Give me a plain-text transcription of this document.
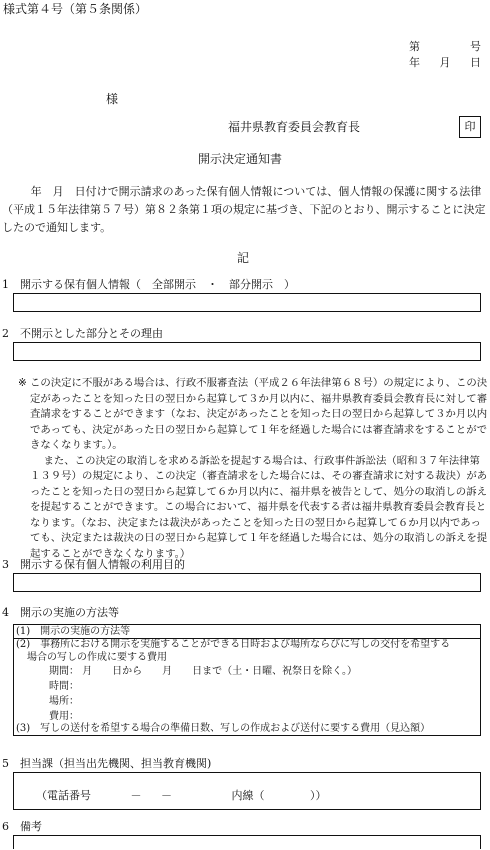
様式第４号（第５条関係）
第	号
年 月 日
様
福井県教育委員会教育長	印
開示決定通知書
年　月　日付けで開示請求のあった保有個人情報については、個人情報の保護に関する法律（平成１５年法律第５７号）第８２条第１項の規定に基づき、下記のとおり、開示することに決定したので通知します。
記
1　開示する保有個人情報（　全部開示　・　部分開示　）
2　不開示とした部分とその理由
※ この決定に不服がある場合は、行政不服審査法（平成２６年法律第６８号）の規定により、この決定があったことを知った日の翌日から起算して３か月以内に、福井県教育委員会教育長に対して審査請求をすることができます（なお、決定があったことを知った日の翌日から起算して３か月以内であっても、決定があった日の翌日から起算して１年を経過した場合には審査請求をすることができなくなります。）。

また、この決定の取消しを求める訴訟を提起する場合は、行政事件訴訟法（昭和３７年法律第１３９号）の規定により、この決定（審査請求をした場合には、その審査請求に対する裁決）があったことを知った日の翌日から起算して６か月以内に、福井県を被告として、処分の取消しの訴えを提起することができます。この場合において、福井県を代表する者は福井県教育委員会教育長となります。（なお、決定または裁決があったことを知った日の翌日から起算して６か月以内であっても、決定または裁決の日の翌日から起算して１年を経過した場合には、処分の取消しの訴えを提起することができなくなります。）

3　開示する保有個人情報の利用目的
4　開示の実施の方法等
(1)　開示の実施の方法等
(2)　事務所における開示を実施することができる日時および場所ならびに写しの交付を希望する
場合の写しの作成に要する費用
期間： 月　　日から　　月　　日まで（土・日曜、祝祭日を除く。）
時間：
場所：
費用：
(3)　写しの送付を希望する場合の準備日数、写しの作成および送付に要する費用（見込額）
5　担当課（担当出先機関、担当教育機関)
（電話番号	－ －	内線（	））
6　備考
